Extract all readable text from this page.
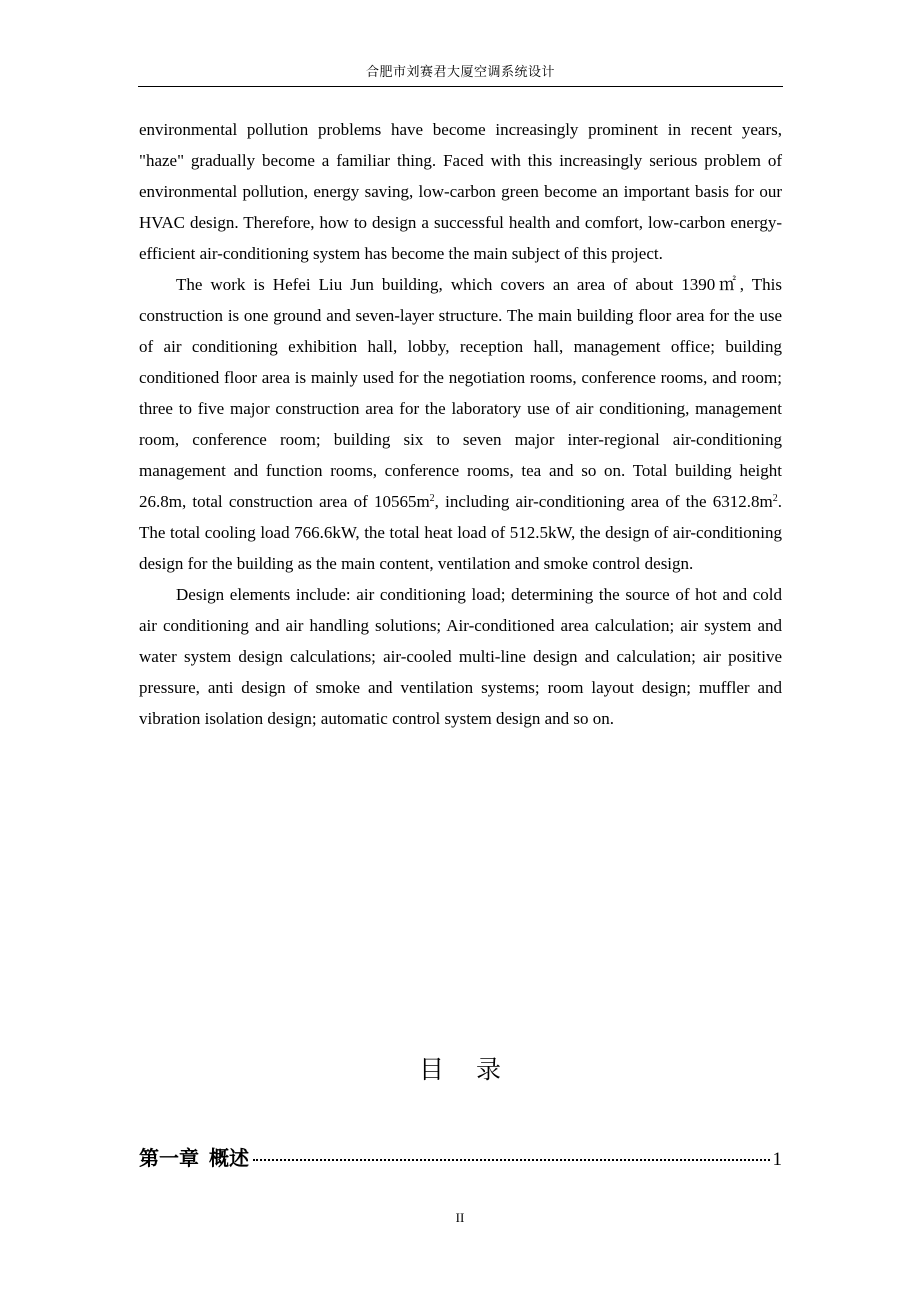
合肥市刘赛君大厦空调系统设计

environmental pollution problems have become increasingly prominent in recent years, "haze" gradually become a familiar thing. Faced with this increasingly serious problem of environmental pollution, energy saving, low-carbon green become an important basis for our HVAC design. Therefore, how to design a successful health and comfort, low-carbon energy-efficient air-conditioning system has become the main subject of this project.

The work is Hefei Liu Jun building, which covers an area of about 1390㎡, This construction is one ground and seven-layer structure. The main building floor area for the use of air conditioning exhibition hall, lobby, reception hall, management office; building conditioned floor area is mainly used for the negotiation rooms, conference rooms, and room; three to five major construction area for the laboratory use of air conditioning, management room, conference room; building six to seven major inter-regional air-conditioning management and function rooms, conference rooms, tea and so on. Total building height 26.8m, total construction area of $10565m^2$, including air-conditioning area of the $6312.8m^2$. The total cooling load 766.6kW, the total heat load of 512.5kW, the design of air-conditioning design for the building as the main content, ventilation and smoke control design.

Design elements include: air conditioning load; determining the source of hot and cold air conditioning and air handling solutions; Air-conditioned area calculation; air system and water system design calculations; air-cooled multi-line design and calculation; air positive pressure, anti design of smoke and ventilation systems; room layout design; muffler and vibration isolation design; automatic control system design and so on.

目 录
第一章 概述	1
II
